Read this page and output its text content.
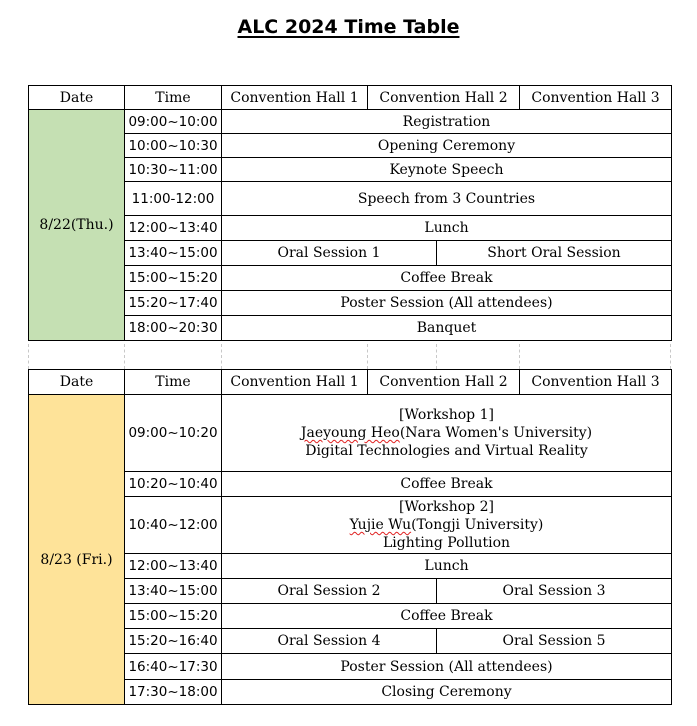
ALC 2024 Time Table
Date	Time	Convention Hall 1	Convention Hall 2		Convention Hall 3
8/22(Thu.)	09:00~10:00	Registration			
	10:00~10:30	Opening Ceremony			
	10:30~11:00	Keynote Speech			
	11:00-12:00	Speech from 3 Countries			
	12:00~13:40	Lunch			
	13:40~15:00	Oral Session 1		Short Oral Session	
	15:00~15:20	Coffee Break			
	15:20~17:40	Poster Session (All attendees)			
	18:00~20:30	Banquet			
Date	Time	Convention Hall 1	Convention Hall 2		Convention Hall 3
8/23 (Fri.)	09:00~10:20	[Workshop 1]
Jaeyoung Heo(Nara Women's University)
Digital Technologies and Virtual Reality			

	10:20~10:40	Coffee Break			
	10:40~12:00	[Workshop 2]
Yujie Wu(Tongji University)
Lighting Pollution			

	12:00~13:40	Lunch			
	13:40~15:00	Oral Session 2		Oral Session 3	
	15:00~15:20	Coffee Break			
	15:20~16:40	Oral Session 4		Oral Session 5	
	16:40~17:30	Poster Session (All attendees)			
	17:30~18:00	Closing Ceremony			
